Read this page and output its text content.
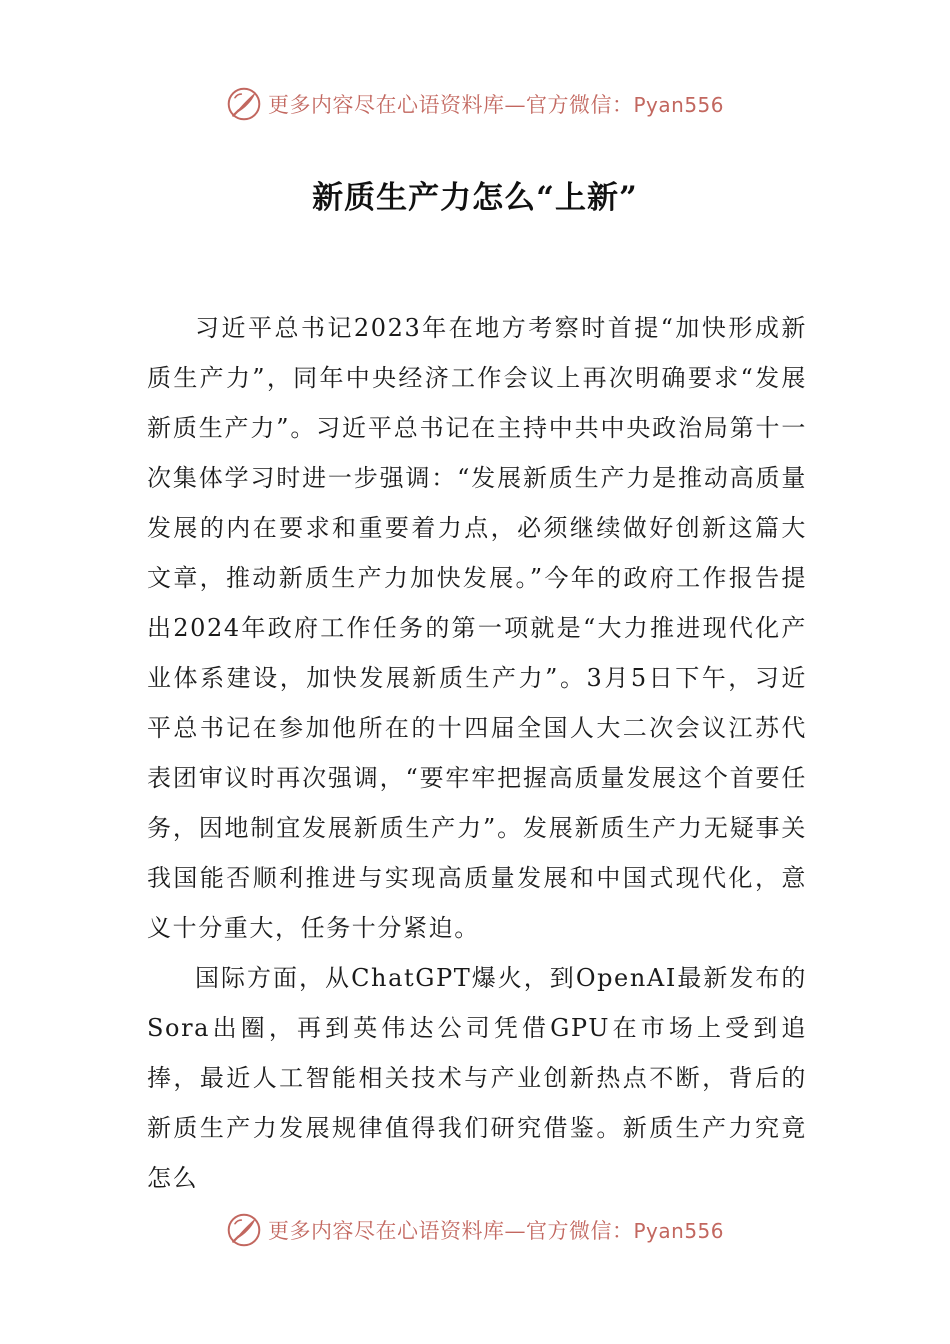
更多内容尽在心语资料库—官方微信：Pyan556
新质生产力怎么“上新”

习近平总书记2023年在地方考察时首提“加快形成新质生产力”，同年中央经济工作会议上再次明确要求“发展新质生产力”。习近平总书记在主持中共中央政治局第十一次集体学习时进一步强调：“发展新质生产力是推动高质量发展的内在要求和重要着力点，必须继续做好创新这篇大文章，推动新质生产力加快发展。”今年的政府工作报告提出2024年政府工作任务的第一项就是“大力推进现代化产业体系建设，加快发展新质生产力”。3月5日下午，习近平总书记在参加他所在的十四届全国人大二次会议江苏代表团审议时再次强调，“要牢牢把握高质量发展这个首要任务，因地制宜发展新质生产力”。发展新质生产力无疑事关我国能否顺利推进与实现高质量发展和中国式现代化，意义十分重大，任务十分紧迫。

国际方面，从ChatGPT爆火，到OpenAI最新发布的Sora出圈，再到英伟达公司凭借GPU在市场上受到追捧，最近人工智能相关技术与产业创新热点不断，背后的新质生产力发展规律值得我们研究借鉴。新质生产力究竟怎么

更多内容尽在心语资料库—官方微信：Pyan556
